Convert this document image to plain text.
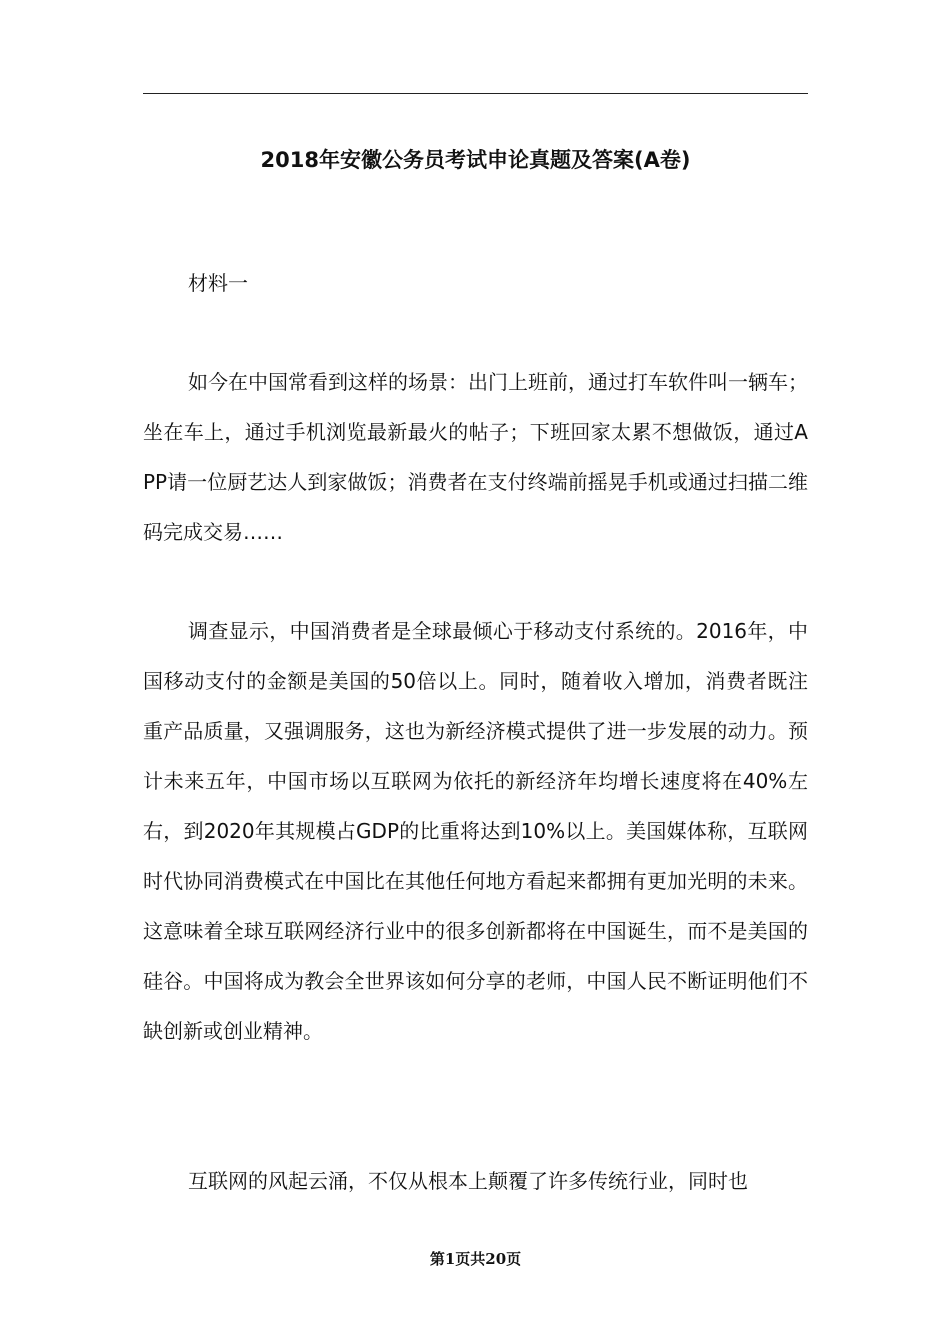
2018年安徽公务员考试申论真题及答案(A卷)

材料一

如今在中国常看到这样的场景：出门上班前，通过打车软件叫一辆车；坐在车上，通过手机浏览最新最火的帖子；下班回家太累不想做饭，通过APP请一位厨艺达人到家做饭；消费者在支付终端前摇晃手机或通过扫描二维码完成交易……

调查显示，中国消费者是全球最倾心于移动支付系统的。2016年，中国移动支付的金额是美国的50倍以上。同时，随着收入增加，消费者既注重产品质量，又强调服务，这也为新经济模式提供了进一步发展的动力。预计未来五年，中国市场以互联网为依托的新经济年均增长速度将在40%左右，到2020年其规模占GDP的比重将达到10%以上。美国媒体称，互联网时代协同消费模式在中国比在其他任何地方看起来都拥有更加光明的未来。这意味着全球互联网经济行业中的很多创新都将在中国诞生，而不是美国的硅谷。中国将成为教会全世界该如何分享的老师，中国人民不断证明他们不缺创新或创业精神。

互联网的风起云涌，不仅从根本上颠覆了许多传统行业，同时也

第1页共20页
